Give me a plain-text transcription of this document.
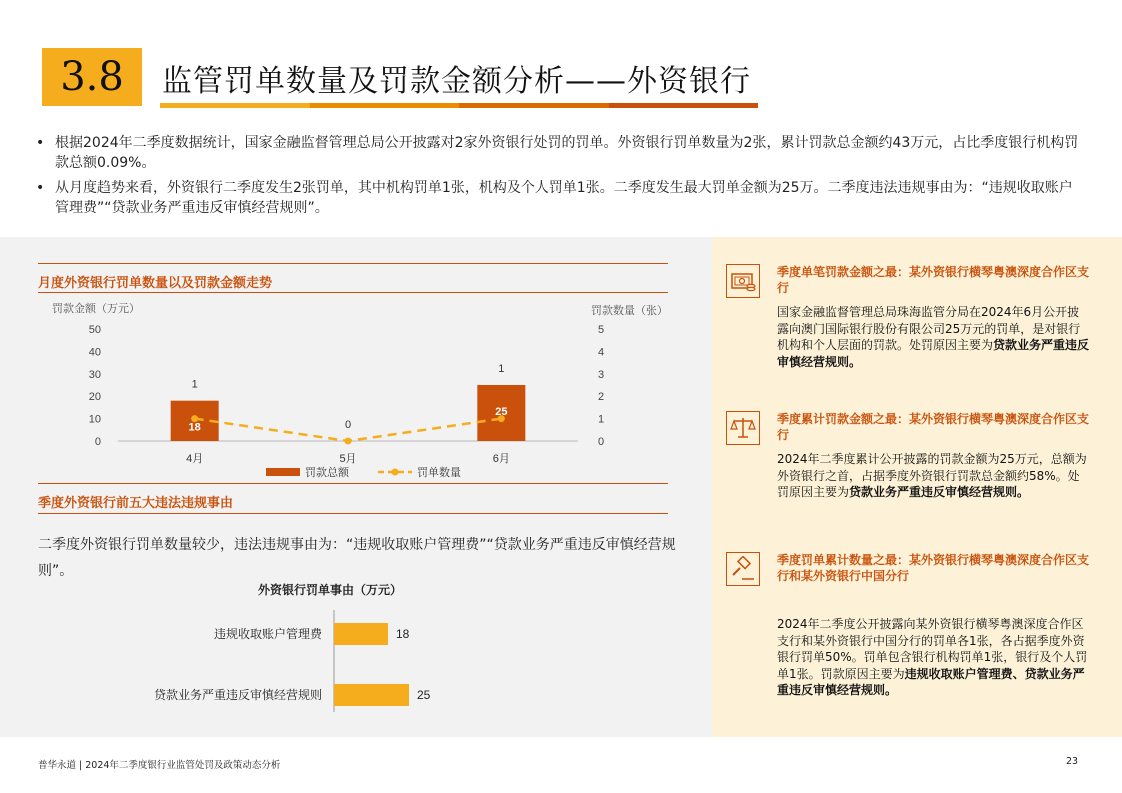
3.8 监管罚单数量及罚款金额分析——外资银行
• 根据2024年二季度数据统计，国家金融监督管理总局公开披露对2家外资银行处罚的罚单。外资银行罚单数量为2张，累计罚款总金额约43万元，占比季度银行机构罚款总额0.09%。
• 从月度趋势来看，外资银行二季度发生2张罚单，其中机构罚单1张，机构及个人罚单1张。二季度发生最大罚单金额为25万。二季度违法违规事由为：“违规收取账户管理费”“贷款业务严重违反审慎经营规则”。
月度外资银行罚单数量以及罚款金额走势
罚款金额（万元）	罚款数量（张）
0
10
20
30
40
50
0
1
2
3
4
5
18
25
1
0
1
4月	5月	6月
罚款总额	罚单数量
季度外资银行前五大违法违规事由
二季度外资银行罚单数量较少，违法违规事由为：“违规收取账户管理费”“贷款业务严重违反审慎经营规则”。
外资银行罚单事由（万元）
违规收取账户管理费	18
贷款业务严重违反审慎经营规则	25
季度单笔罚款金额之最：某外资银行横琴粤澳深度合作区支行
国家金融监督管理总局珠海监管分局在2024年6月公开披露向澳门国际银行股份有限公司25万元的罚单，是对银行机构和个人层面的罚款。处罚原因主要为贷款业务严重违反审慎经营规则。
季度累计罚款金额之最：某外资银行横琴粤澳深度合作区支行
2024年二季度累计公开披露的罚款金额为25万元，总额为外资银行之首，占据季度外资银行罚款总金额约58%。处罚原因主要为贷款业务严重违反审慎经营规则。
季度罚单累计数量之最：某外资银行横琴粤澳深度合作区支行和某外资银行中国分行
2024年二季度公开披露向某外资银行横琴粤澳深度合作区支行和某外资银行中国分行的罚单各1张，各占据季度外资银行罚单50%。罚单包含银行机构罚单1张，银行及个人罚单1张。罚款原因主要为违规收取账户管理费、贷款业务严重违反审慎经营规则。
普华永道 | 2024年二季度银行业监管处罚及政策动态分析	23
